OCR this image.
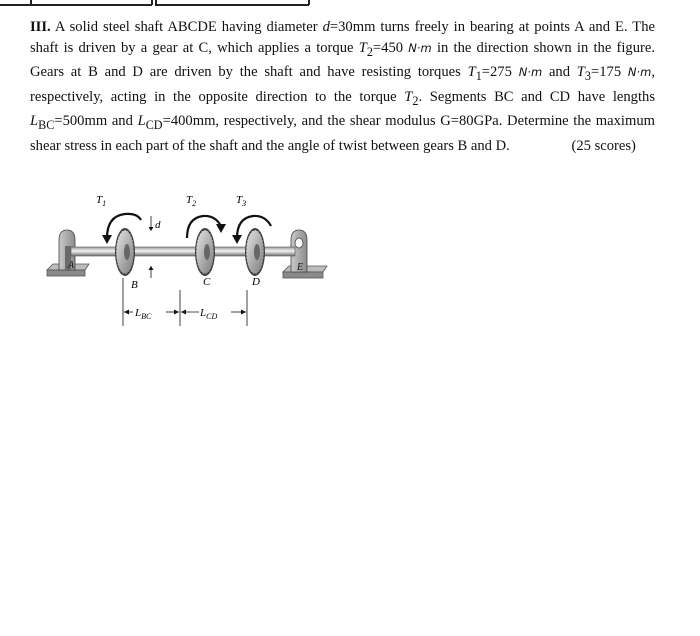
III. A solid steel shaft ABCDE having diameter d=30mm turns freely in bearing at points A and E. The shaft is driven by a gear at C, which applies a torque $T_2=450$ N·m in the direction shown in the figure. Gears at B and D are driven by the shaft and have resisting torques $T_1=275$ N·m and $T_3=175$ N·m, respectively, acting in the opposite direction to the torque $T_2$. Segments BC and CD have lengths $L_{BC}=500mm$ and $L_{CD}=400mm$, respectively, and the shear modulus G=80GPa. Determine the maximum shear stress in each part of the shaft and the angle of twist between gears B and D.	(25 scores)

A	E
$T_1$	$T_2$	$T_3$
d
B	C	D
$L_{BC}$	$L_{CD}$
